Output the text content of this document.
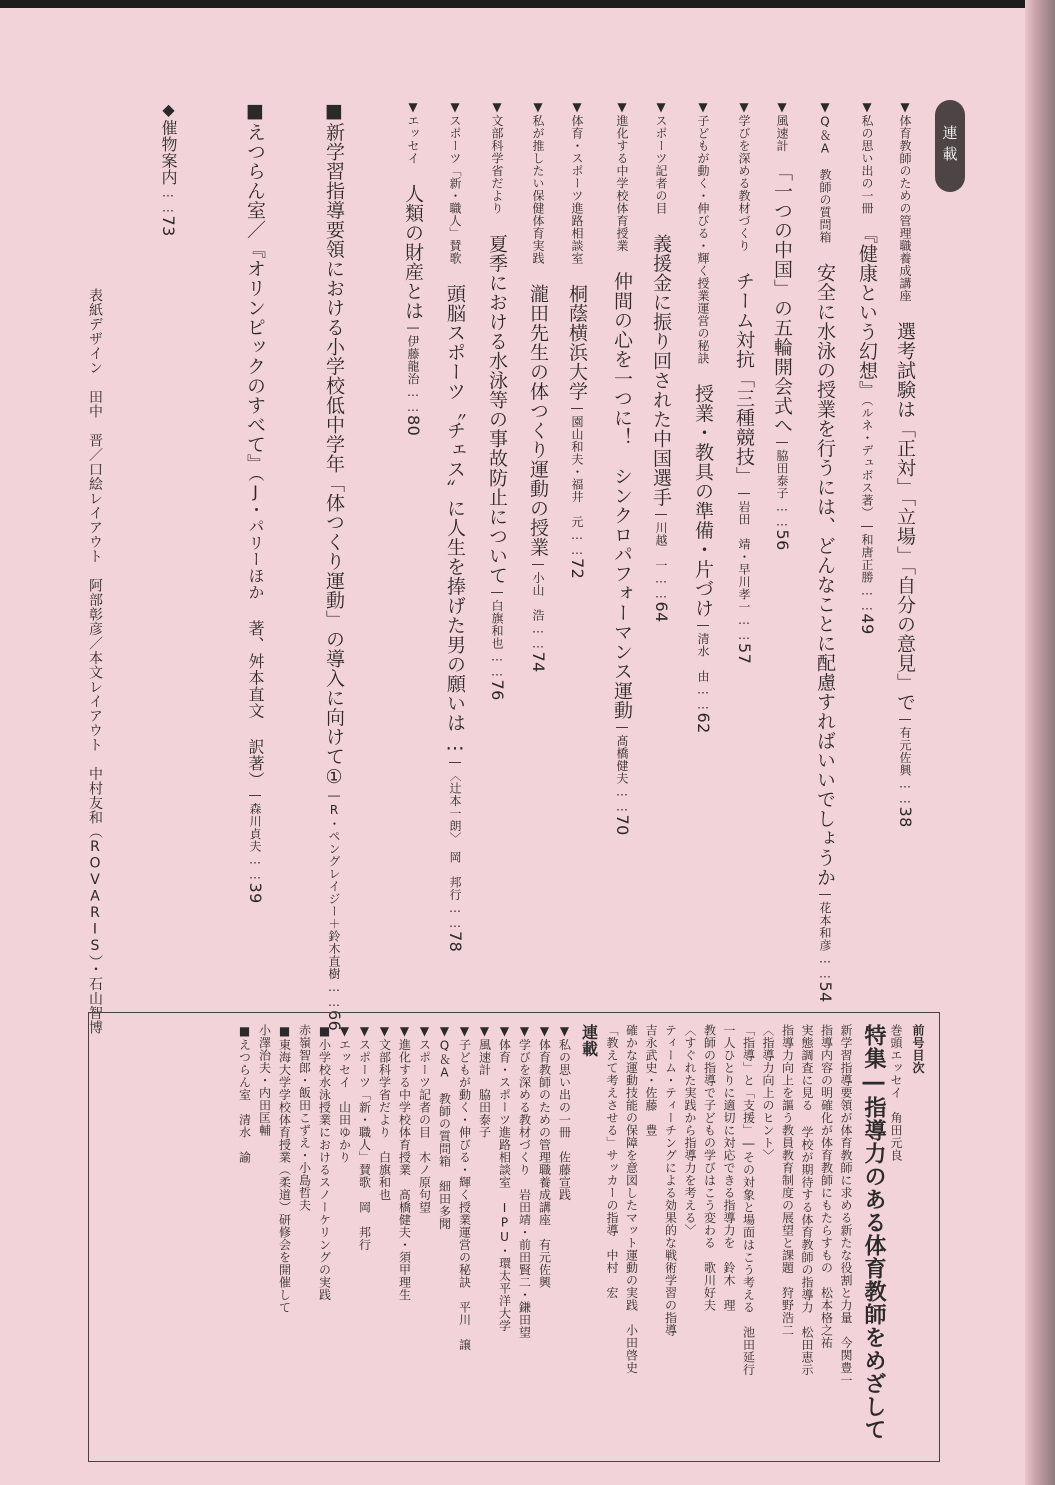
連載
▼体育教師のための管理職養成講座　選考試験は「正対」「立場」「自分の意見」で―有元佐興……38
▼私の思い出の一冊　『健康という幻想』（ルネ・デュボス著）―和唐正勝……49
▼Q＆A　教師の質問箱　安全に水泳の授業を行うには、どんなことに配慮すればいいでしょうか―花本和彦……54
▼風速計　「一つの中国」の五輪開会式へ―脇田泰子……56
▼学びを深める教材づくり　チーム対抗「三種競技」―岩田　靖・早川孝一……57
▼子どもが動く・伸びる・輝く授業運営の秘訣　授業・教具の準備・片づけ―清水　由……62
▼スポーツ記者の目　義援金に振り回された中国選手―川越　一……64
▼進化する中学校体育授業　仲間の心を一つに！　シンクロパフォーマンス運動―髙橋健夫……70
▼体育・スポーツ進路相談室　桐蔭横浜大学―園山和夫・福井　元……72
▼私が推したい保健体育実践　瀧田先生の体つくり運動の授業―小山　浩……74
▼文部科学省だより　夏季における水泳等の事故防止について―白旗和也……76
▼スポーツ「新・職人」賛歌　頭脳スポーツ〝チェス〟に人生を捧げた男の願いは…―〈辻本一朗〉　岡　邦行……78
▼エッセイ　人類の財産とは―伊藤龍治……80
■新学習指導要領における小学校低中学年「体つくり運動」の導入に向けて①―R・ペングレイジー＋鈴木直樹……66
■えつらん室／『オリンピックのすべて』（J・パリーほか 著、舛本直文 訳著）―森川貞夫……39
◆催物案内……73
表紙デザイン　田中　晋／口絵レイアウト　阿部彰彦／本文レイアウト　中村友和（ROVARIS）・石山智博
前号目次
巻頭エッセイ　角田元良
特集―指導力のある体育教師をめざして
新学習指導要領が体育教師に求める新たな役割と力量　今関豊一
指導内容の明確化が体育教師にもたらすもの　松本格之祐
実態調査に見る 学校が期待する体育教師の指導力　松田恵示
指導力向上を謳う教員教育制度の展望と課題　狩野浩二
〈指導力向上のヒント〉
「指導」と「支援」―その対象と場面はこう考える　池田延行
一人ひとりに適切に対応できる指導力を　鈴木　理
教師の指導で子どもの学びはこう変わる　歌川好夫
〈すぐれた実践から指導力を考える〉
ティーム・ティーチングによる効果的な戦術学習の指導
吉永武史・佐藤　豊
確かな運動技能の保障を意図したマット運動の実践　小田啓史
「教えて考えさせる」サッカーの指導　中村　宏
連載
▼私の思い出の一冊　佐藤宣践
▼体育教師のための管理職養成講座　有元佐興
▼学びを深める教材づくり　岩田靖・前田賢二・鎌田望
▼体育・スポーツ進路相談室　IPU・環太平洋大学
▼風速計　脇田泰子
▼子どもが動く・伸びる・輝く授業運営の秘訣　平川　譲
▼Q＆A　教師の質問箱　細田多聞
▼スポーツ記者の目　木ノ原句望
▼進化する中学校体育授業　髙橋健夫・須甲理生
▼文部科学省だより　白旗和也
▼スポーツ「新・職人」賛歌　岡　邦行
▼エッセイ　山田ゆかり
■小学校水泳授業におけるスノーケリングの実践
赤嶺智郎・飯田こずえ・小島哲夫
■東海大学学校体育授業（柔道）研修会を開催して
小澤治夫・内田匡輔
■えつらん室　清水　諭
